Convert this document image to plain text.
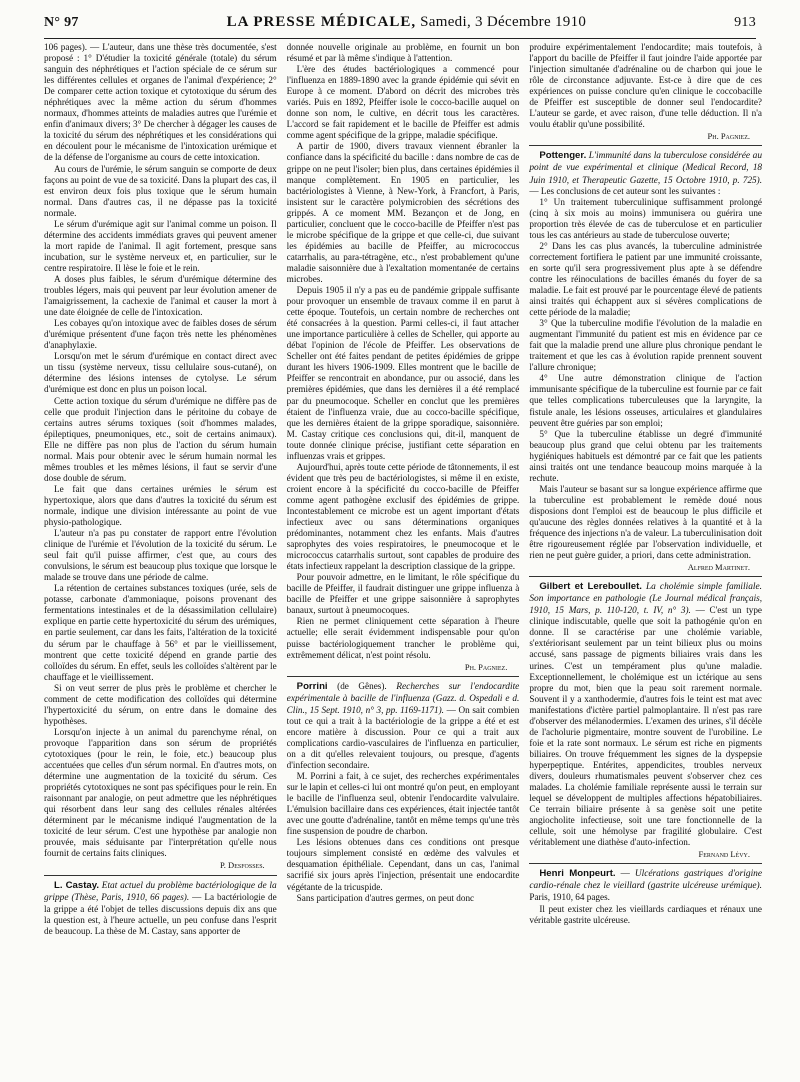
N° 97	LA PRESSE MÉDICALE, Samedi, 3 Décembre 1910	913

106 pages). — L'auteur, dans une thèse très documentée, s'est proposé : 1° D'étudier la toxicité générale (totale) du sérum sanguin des néphrétiques et l'action spéciale de ce sérum sur les différentes cellules et organes de l'animal d'expérience; 2° De comparer cette action toxique et cytotoxique du sérum des néphrétiques avec la même action du sérum d'hommes normaux, d'hommes atteints de maladies autres que l'urémie et enfin d'animaux divers; 3° De chercher à dégager les causes de la toxicité du sérum des néphrétiques et les considérations qui en découlent pour le mécanisme de l'intoxication urémique et de la défense de l'organisme au cours de cette intoxication.

Au cours de l'urémie, le sérum sanguin se comporte de deux façons au point de vue de sa toxicité. Dans la plupart des cas, il est environ deux fois plus toxique que le sérum humain normal. Dans d'autres cas, il ne dépasse pas la toxicité normale.

Le sérum d'urémique agit sur l'animal comme un poison. Il détermine des accidents immédiats graves qui peuvent amener la mort rapide de l'animal. Il agit fortement, presque sans incubation, sur le système nerveux et, en particulier, sur le centre respiratoire. Il lèse le foie et le rein.

A doses plus faibles, le sérum d'urémique détermine des troubles légers, mais qui peuvent par leur évolution amener de l'amaigrissement, la cachexie de l'animal et causer la mort à une date éloignée de celle de l'intoxication.

Les cobayes qu'on intoxique avec de faibles doses de sérum d'urémique présentent d'une façon très nette les phénomènes d'anaphylaxie.

Lorsqu'on met le sérum d'urémique en contact direct avec un tissu (système nerveux, tissu cellulaire sous-cutané), on détermine des lésions intenses de cytolyse. Le sérum d'urémique est donc en plus un poison local.

Cette action toxique du sérum d'urémique ne diffère pas de celle que produit l'injection dans le péritoine du cobaye de certains autres sérums toxiques (soit d'hommes malades, épileptiques, pneumoniques, etc., soit de certains animaux). Elle ne diffère pas non plus de l'action du sérum humain normal. Mais pour obtenir avec le sérum humain normal les mêmes troubles et les mêmes lésions, il faut se servir d'une dose double de sérum.

Le fait que dans certaines urémies le sérum est hypertoxique, alors que dans d'autres la toxicité du sérum est normale, indique une division intéressante au point de vue physio-pathologique.

L'auteur n'a pas pu constater de rapport entre l'évolution clinique de l'urémie et l'évolution de la toxicité du sérum. Le seul fait qu'il puisse affirmer, c'est que, au cours des convulsions, le sérum est beaucoup plus toxique que lorsque le malade se trouve dans une période de calme.

La rétention de certaines substances toxiques (urée, sels de potasse, carbonate d'ammoniaque, poisons provenant des fermentations intestinales et de la désassimilation cellulaire) explique en partie cette hypertoxicité du sérum des urémiques, en partie seulement, car dans les faits, l'altération de la toxicité du sérum par le chauffage à 56° et par le vieillissement, montrent que cette toxicité dépend en grande partie des colloïdes du sérum. En effet, seuls les colloïdes s'altèrent par le chauffage et le vieillissement.

Si on veut serrer de plus près le problème et chercher le comment de cette modification des colloïdes qui détermine l'hypertoxicité du sérum, on entre dans le domaine des hypothèses.

Lorsqu'on injecte à un animal du parenchyme rénal, on provoque l'apparition dans son sérum de propriétés cytotoxiques (pour le rein, le foie, etc.) beaucoup plus accentuées que celles d'un sérum normal. En d'autres mots, on détermine une augmentation de la toxicité du sérum. Ces propriétés cytotoxiques ne sont pas spécifiques pour le rein. En raisonnant par analogie, on peut admettre que les néphrétiques qui résorbent dans leur sang des cellules rénales altérées déterminent par le mécanisme indiqué l'augmentation de la toxicité de leur sérum. C'est une hypothèse par analogie non prouvée, mais séduisante par l'interprétation qu'elle nous fournit de certains faits cliniques.

P. Desfosses.

L. Castay. Etat actuel du problème bactériologique de la grippe (Thèse, Paris, 1910, 66 pages). — La bactériologie de la grippe a été l'objet de telles discussions depuis dix ans que la question est, à l'heure actuelle, un peu confuse dans l'esprit de beaucoup. La thèse de M. Castay, sans apporter de

donnée nouvelle originale au problème, en fournit un bon résumé et par là même s'indique à l'attention.

L'ère des études bactériologiques a commencé pour l'influenza en 1889-1890 avec la grande épidémie qui sévit en Europe à ce moment. D'abord on décrit des microbes très variés. Puis en 1892, Pfeiffer isole le cocco-bacille auquel on donne son nom, le cultive, en décrit tous les caractères. L'accord se fait rapidement et le bacille de Pfeiffer est admis comme agent spécifique de la grippe, maladie spécifique.

A partir de 1900, divers travaux viennent ébranler la confiance dans la spécificité du bacille : dans nombre de cas de grippe on ne peut l'isoler; bien plus, dans certaines épidémies il manque complètement. En 1905 en particulier, les bactériologistes à Vienne, à New-York, à Francfort, à Paris, insistent sur le caractère polymicrobien des sécrétions des grippés. A ce moment MM. Bezançon et de Jong, en particulier, concluent que le cocco-bacille de Pfeiffer n'est pas le microbe spécifique de la grippe et que celle-ci, due suivant les épidémies au bacille de Pfeiffer, au micrococcus catarrhalis, au para-tétragène, etc., n'est probablement qu'une maladie saisonnière due à l'exaltation momentanée de certains microbes.

Depuis 1905 il n'y a pas eu de pandémie grippale suffisante pour provoquer un ensemble de travaux comme il en parut à cette époque. Toutefois, un certain nombre de recherches ont été consacrées à la question. Parmi celles-ci, il faut attacher une importance particulière à celles de Scheller, qui apporte au débat l'opinion de l'école de Pfeiffer. Les observations de Scheller ont été faites pendant de petites épidémies de grippe durant les hivers 1906-1909. Elles montrent que le bacille de Pfeiffer se rencontrait en abondance, pur ou associé, dans les premières épidémies, que dans les dernières il a été remplacé par du pneumocoque. Scheller en conclut que les premières étaient de l'influenza vraie, due au cocco-bacille spécifique, que les dernières étaient de la grippe sporadique, saisonnière. M. Castay critique ces conclusions qui, dit-il, manquent de toute donnée clinique précise, justifiant cette séparation en influenzas vrais et grippes.

Aujourd'hui, après toute cette période de tâtonnements, il est évident que très peu de bactériologistes, si même il en existe, croient encore à la spécificité du cocco-bacille de Pfeiffer comme agent pathogène exclusif des épidémies de grippe. Incontestablement ce microbe est un agent important d'états infectieux avec ou sans déterminations organiques prédominantes, notamment chez les enfants. Mais d'autres saprophytes des voies respiratoires, le pneumocoque et le micrococcus catarrhalis surtout, sont capables de produire des états infectieux rappelant la description classique de la grippe.

Pour pouvoir admettre, en le limitant, le rôle spécifique du bacille de Pfeiffer, il faudrait distinguer une grippe influenza à bacille de Pfeiffer et une grippe saisonnière à saprophytes banaux, surtout à pneumocoques.

Rien ne permet cliniquement cette séparation à l'heure actuelle; elle serait évidemment indispensable pour qu'on puisse bactériologiquement trancher le problème qui, extrêmement délicat, n'est point résolu.

Ph. Pagniez.

Porrini (de Gênes). Recherches sur l'endocardite expérimentale à bacille de l'influenza (Gazz. d. Ospedali e d. Clin., 15 Sept. 1910, n° 3, pp. 1169-1171). — On sait combien tout ce qui a trait à la bactériologie de la grippe a été et est encore matière à discussion. Pour ce qui a trait aux complications cardio-vasculaires de l'influenza en particulier, on a dit qu'elles relevaient toujours, ou presque, d'agents d'infection secondaire.

M. Porrini a fait, à ce sujet, des recherches expérimentales sur le lapin et celles-ci lui ont montré qu'on peut, en employant le bacille de l'influenza seul, obtenir l'endocardite valvulaire. L'émulsion bacillaire dans ces expériences, était injectée tantôt avec une goutte d'adrénaline, tantôt en même temps qu'une très fine suspension de poudre de charbon.

Les lésions obtenues dans ces conditions ont presque toujours simplement consisté en œdème des valvules et desquamation épithéliale. Cependant, dans un cas, l'animal sacrifié six jours après l'injection, présentait une endocardite végétante de la tricuspide.

Sans participation d'autres germes, on peut donc

produire expérimentalement l'endocardite; mais toutefois, à l'apport du bacille de Pfeiffer il faut joindre l'aide apportée par l'injection simultanée d'adrénaline ou de charbon qui joue le rôle de circonstance adjuvante. Est-ce à dire que de ces expériences on puisse conclure qu'en clinique le coccobacille de Pfeiffer est susceptible de donner seul l'endocardite? L'auteur se garde, et avec raison, d'une telle déduction. Il n'a voulu établir qu'une possibilité.

Ph. Pagniez.

Pottenger. L'immunité dans la tuberculose considérée au point de vue expérimental et clinique (Medical Record, 18 Juin 1910, et Therapeutic Gazette, 15 Octobre 1910, p. 725). — Les conclusions de cet auteur sont les suivantes :

1° Un traitement tuberculinique suffisamment prolongé (cinq à six mois au moins) immunisera ou guérira une proportion très élevée de cas de tuberculose et en particulier tous les cas antérieurs au stade de tuberculose ouverte;

2° Dans les cas plus avancés, la tuberculine administrée correctement fortifiera le patient par une immunité croissante, en sorte qu'il sera progressivement plus apte à se défendre contre les réinoculations de bacilles émanés du foyer de sa maladie. Le fait est prouvé par le pourcentage élevé de patients ainsi traités qui échappent aux si sévères complications de cette période de la maladie;

3° Que la tuberculine modifie l'évolution de la maladie en augmentant l'immunité du patient est mis en évidence par ce fait que la maladie prend une allure plus chronique pendant le traitement et que les cas à évolution rapide prennent souvent l'allure chronique;

4° Une autre démonstration clinique de l'action immunisante spécifique de la tuberculine est fournie par ce fait que telles complications tuberculeuses que la laryngite, la fistule anale, les lésions osseuses, articulaires et glandulaires peuvent être guéries par son emploi;

5° Que la tuberculine établisse un degré d'immunité beaucoup plus grand que celui obtenu par les traitements hygiéniques habituels est démontré par ce fait que les patients ainsi traités ont une tendance beaucoup moins marquée à la rechute.

Mais l'auteur se basant sur sa longue expérience affirme que la tuberculine est probablement le remède doué nous disposions dont l'emploi est de beaucoup le plus difficile et qu'aucune des règles données relatives à la quantité et à la fréquence des injections n'a de valeur. La tuberculinisation doit être rigoureusement réglée par l'observation individuelle, et rien ne peut guère guider, a priori, dans cette administration.

Alfred Martinet.

Gilbert et Lereboullet. La cholémie simple familiale. Son importance en pathologie (Le Journal médical français, 1910, 15 Mars, p. 110-120, t. IV, n° 3). — C'est un type clinique indiscutable, quelle que soit la pathogénie qu'on en donne. Il se caractérise par une cholémie variable, s'extériorisant seulement par un teint bilieux plus ou moins accusé, sans passage de pigments biliaires vrais dans les urines. C'est un tempérament plus qu'une maladie. Exceptionnellement, le cholémique est un ictérique au sens propre du mot, bien que la peau soit rarement normale. Souvent il y a xanthodermie, d'autres fois le teint est mat avec manifestations d'ictère partiel palmoplantaire. Il n'est pas rare d'observer des mélanodermies. L'examen des urines, s'il décèle de l'acholurie pigmentaire, montre souvent de l'urobiline. Le foie et la rate sont normaux. Le sérum est riche en pigments biliaires. On trouve fréquemment les signes de la dyspepsie hyperpeptique. Entérites, appendicites, troubles nerveux divers, douleurs rhumatismales peuvent s'observer chez ces malades. La cholémie familiale représente aussi le terrain sur lequel se développent de multiples affections hépatobiliaires. Ce terrain biliaire présente à sa genèse soit une petite angiocholite infectieuse, soit une tare fonctionnelle de la cellule, soit une hémolyse par fragilité globulaire. C'est véritablement une diathèse d'auto-infection.

Fernand Lévy.

Henri Monpeurt. — Ulcérations gastriques d'origine cardio-rénale chez le vieillard (gastrite ulcéreuse urémique). Paris, 1910, 64 pages.

Il peut exister chez les vieillards cardiaques et rénaux une véritable gastrite ulcéreuse.
